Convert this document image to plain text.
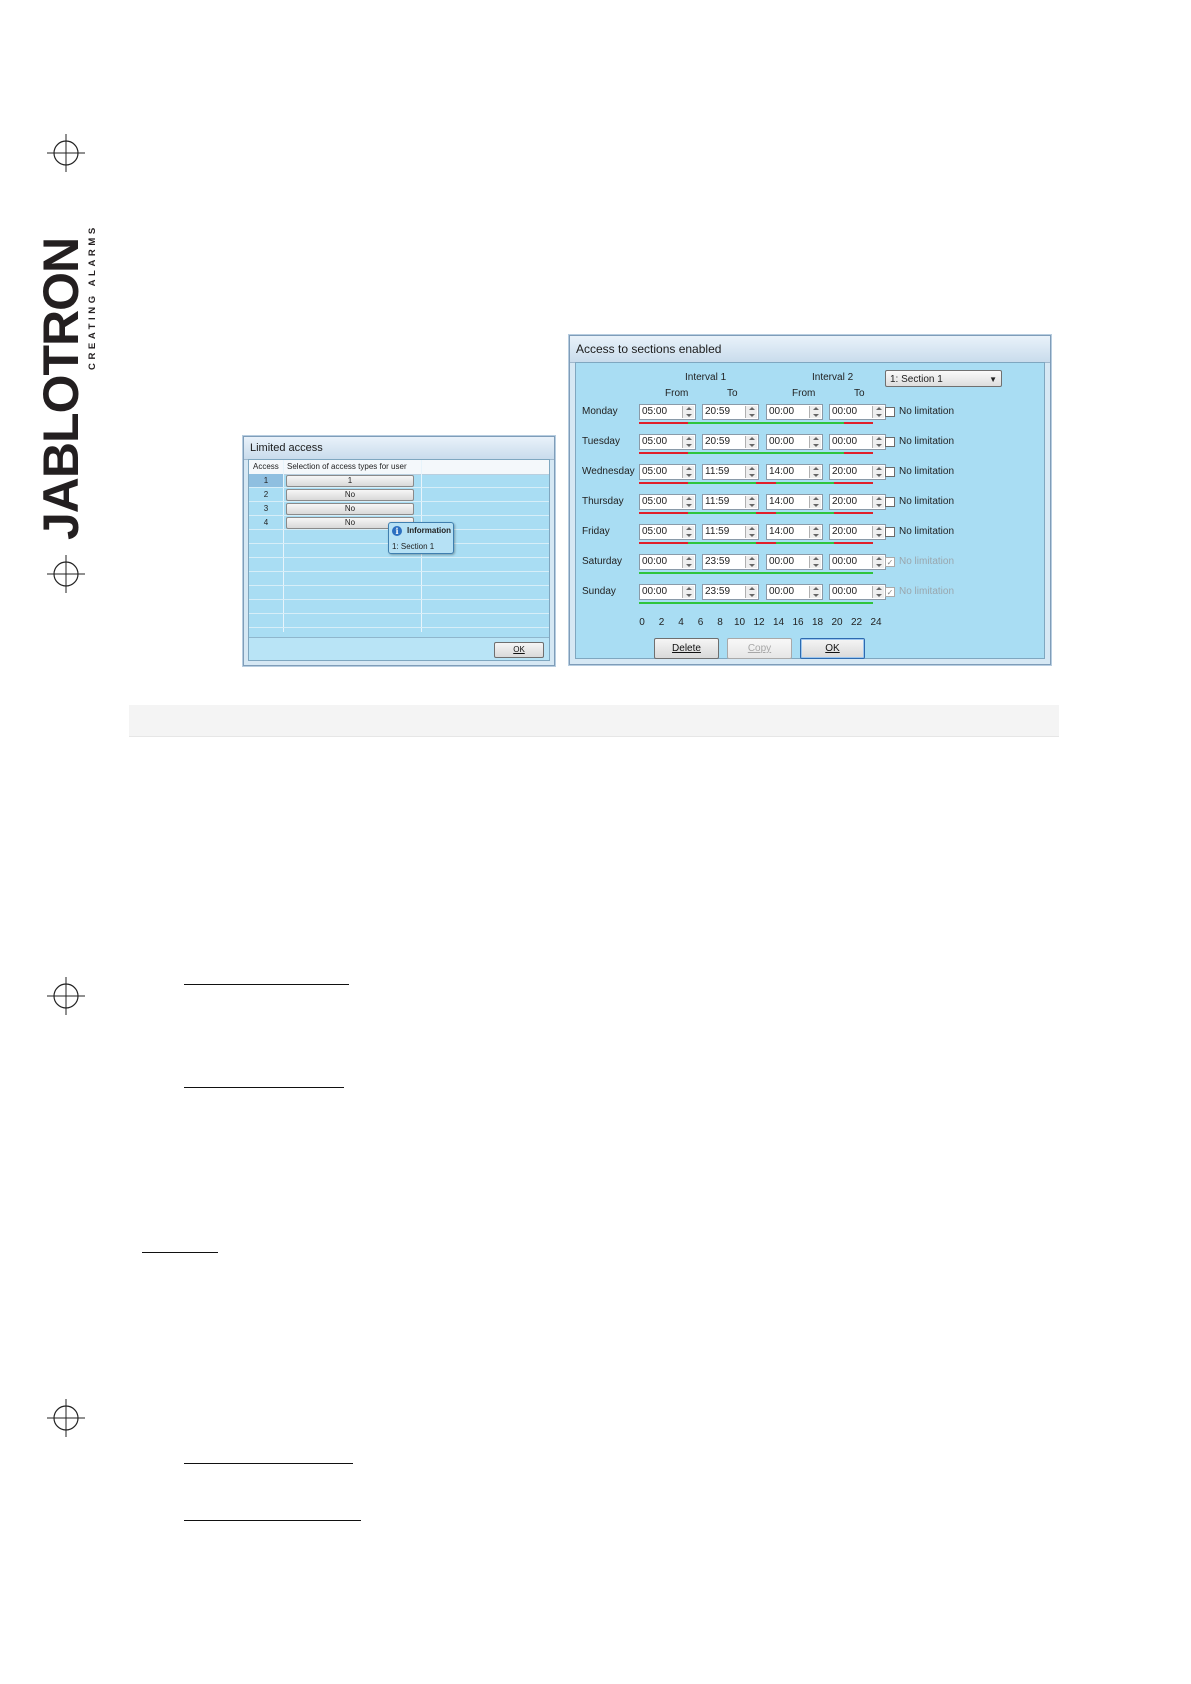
JABLOTRON
CREATING ALARMS
Limited access
Access Selection of access types for user
1	1
2	No
3	No
4	No
i	Information
1: Section 1
OK
Access to sections enabled
Interval 1	Interval 2
From	To	From	To
1: Section 1	▼
Monday	05:00	20:59	00:00	00:00	No limitation
Tuesday	05:00	20:59	00:00	00:00	No limitation
Wednesday 05:00	11:59	14:00	20:00	No limitation
Thursday	05:00	11:59	14:00	20:00	No limitation
Friday	05:00	11:59	14:00	20:00	No limitation
Saturday	00:00	23:59	00:00	00:00	✓ No limitation
Sunday	00:00	23:59	00:00	00:00	✓ No limitation
0	2	4	6	8	10 12 14 16 18 20 22 24
Delete	Copy	OK
